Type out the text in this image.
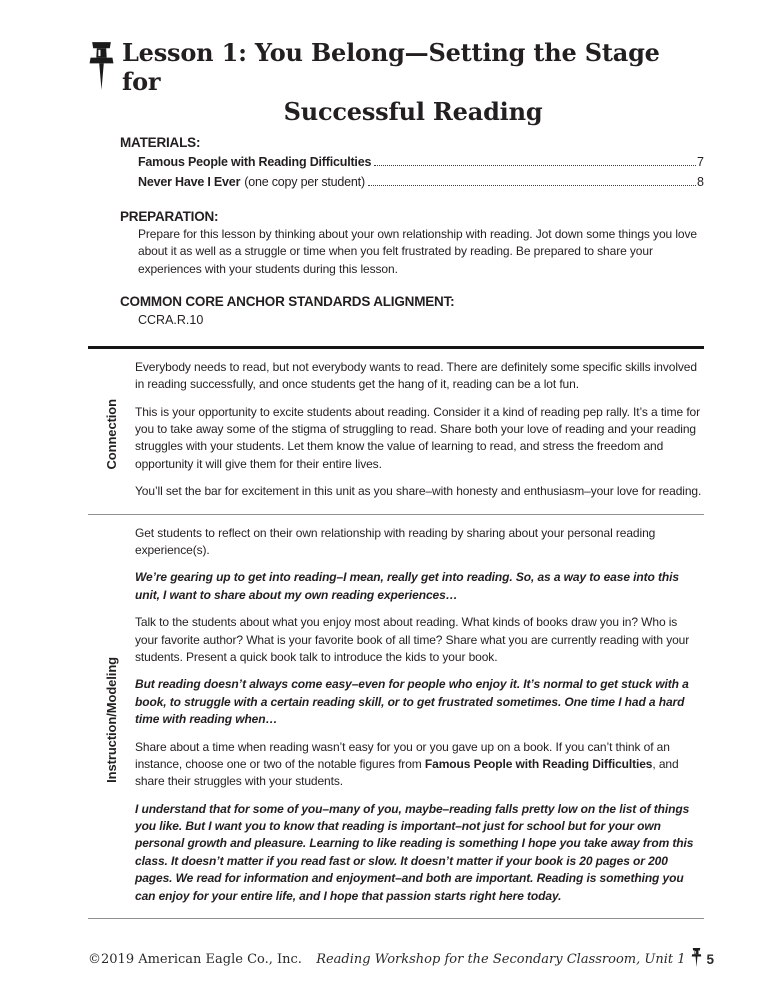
Lesson 1: You Belong—Setting the Stage for
Successful Reading
MATERIALS:
Famous People with Reading Difficulties	7
Never Have I Ever (one copy per student)	8
PREPARATION:
Prepare for this lesson by thinking about your own relationship with reading. Jot down some things you love about it as well as a struggle or time when you felt frustrated by reading. Be prepared to share your experiences with your students during this lesson.
COMMON CORE ANCHOR STANDARDS ALIGNMENT:
CCRA.R.10
Connection

Everybody needs to read, but not everybody wants to read. There are definitely some specific skills involved in reading successfully, and once students get the hang of it, reading can be a lot fun.

This is your opportunity to excite students about reading. Consider it a kind of reading pep rally. It’s a time for you to take away some of the stigma of struggling to read. Share both your love of reading and your reading struggles with your students. Let them know the value of learning to read, and stress the freedom and opportunity it will give them for their entire lives.

You’ll set the bar for excitement in this unit as you share–with honesty and enthusiasm–your love for reading.

Instruction/Modeling

Get students to reflect on their own relationship with reading by sharing about your personal reading experience(s).

We’re gearing up to get into reading–I mean, really get into reading. So, as a way to ease into this unit, I want to share about my own reading experiences…

Talk to the students about what you enjoy most about reading. What kinds of books draw you in? Who is your favorite author? What is your favorite book of all time? Share what you are currently reading with your students. Present a quick book talk to introduce the kids to your book.

But reading doesn’t always come easy–even for people who enjoy it. It’s normal to get stuck with a book, to struggle with a certain reading skill, or to get frustrated sometimes. One time I had a hard time with reading when…

Share about a time when reading wasn’t easy for you or you gave up on a book. If you can’t think of an instance, choose one or two of the notable figures from Famous People with Reading Difficulties, and share their struggles with your students.

I understand that for some of you–many of you, maybe–reading falls pretty low on the list of things you like. But I want you to know that reading is important–not just for school but for your own personal growth and pleasure. Learning to like reading is something I hope you take away from this class. It doesn’t matter if you read fast or slow. It doesn’t matter if your book is 20 pages or 200 pages. We read for information and enjoyment–and both are important. Reading is something you can enjoy for your entire life, and I hope that passion starts right here today.

©2019 American Eagle Co., Inc. Reading Workshop for the Secondary Classroom, Unit 1 5
